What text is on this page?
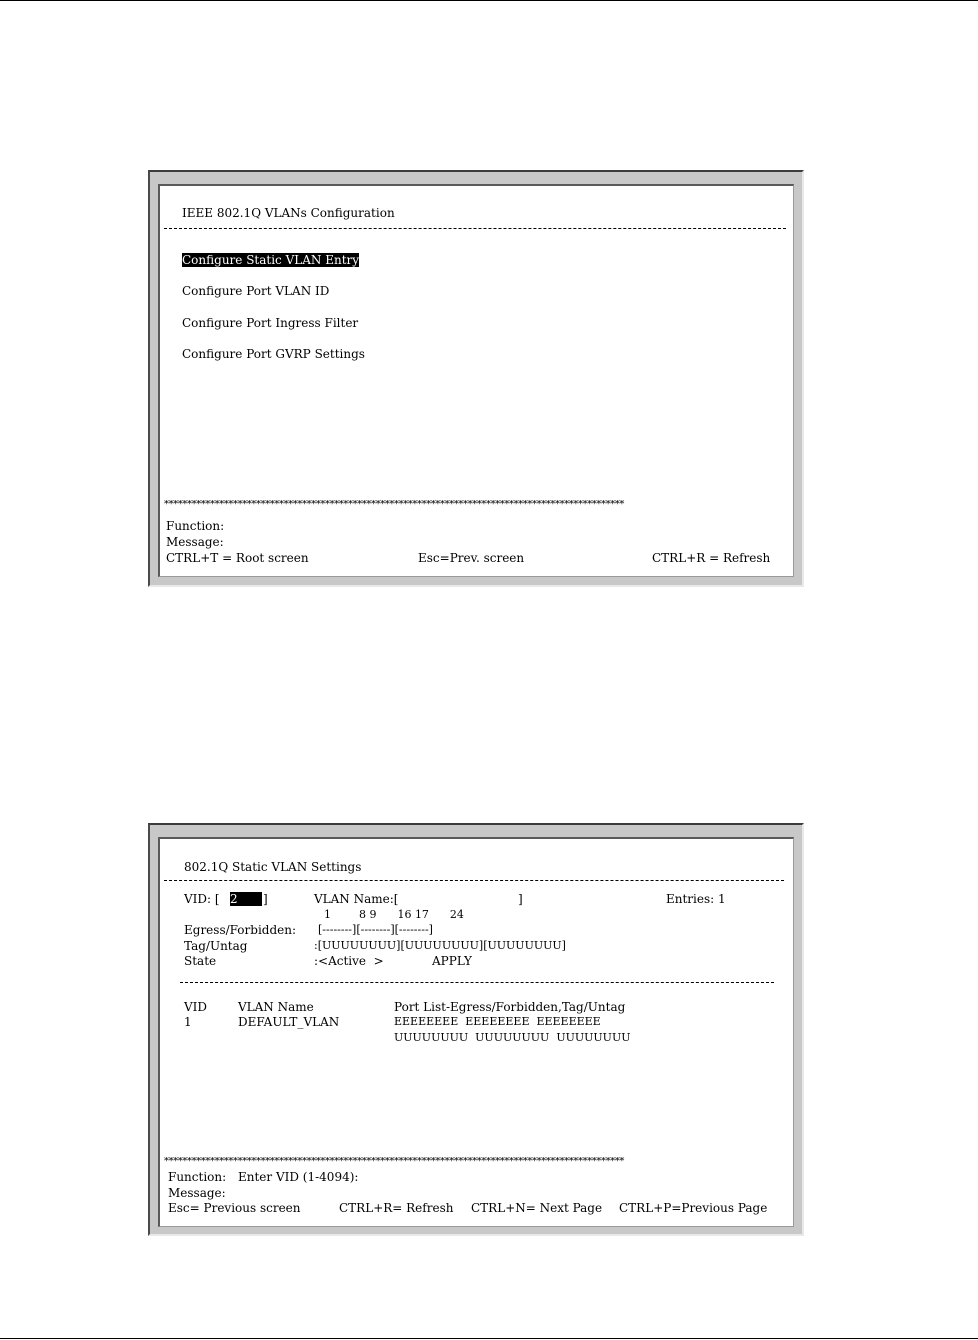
IEEE 802.1Q VLANs Configuration
Configure Static VLAN Entry
Configure Port VLAN ID
Configure Port Ingress Filter
Configure Port GVRP Settings
****************************************************************************************************
Function:
Message:
CTRL+T = Root screen	Esc=Prev. screen	CTRL+R = Refresh
802.1Q Static VLAN Settings
VID: [ 2	]	VLAN Name:[	]	Entries: 1
1        8 9      16 17      24
Egress/Forbidden: [--------][--------][--------]
Tag/Untag	:[UUUUUUUU][UUUUUUUU][UUUUUUUU]
State	:<Active  >	APPLY
VID	VLAN Name	Port List-Egress/Forbidden,Tag/Untag
1	DEFAULT_VLAN	EEEEEEEE  EEEEEEEE  EEEEEEEE
UUUUUUUU  UUUUUUUU  UUUUUUUU
****************************************************************************************************
Function: Enter VID (1-4094):
Message:
Esc= Previous screen	CTRL+R= Refresh CTRL+N= Next Page CTRL+P=Previous Page
